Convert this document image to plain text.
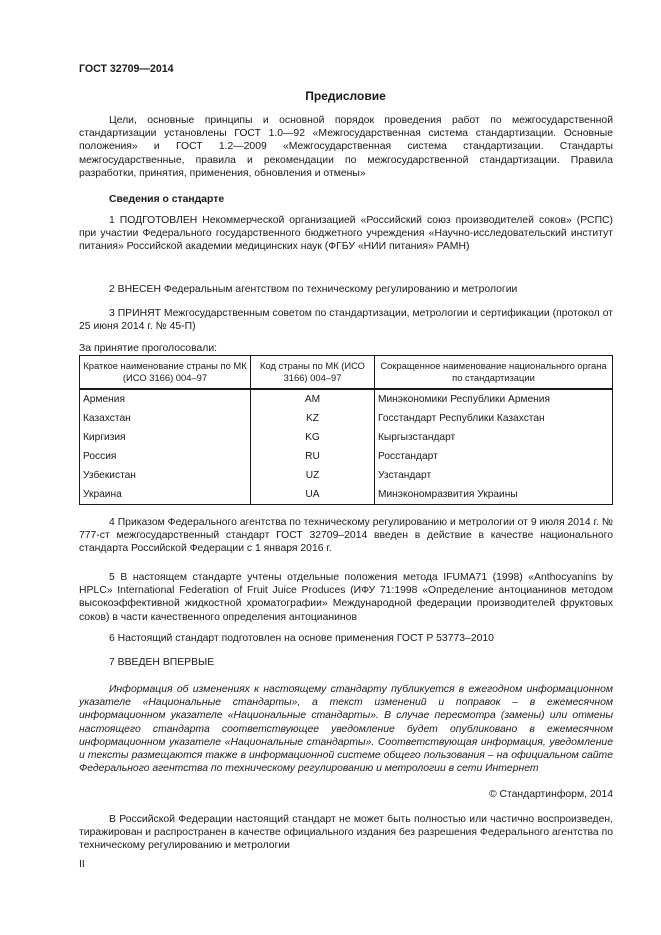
ГОСТ 32709—2014
Предисловие

Цели, основные принципы и основной порядок проведения работ по межгосударственной стандартизации установлены ГОСТ 1.0—92 «Межгосударственная система стандартизации. Основные положения» и ГОСТ 1.2—2009 «Межгосударственная система стандартизации. Стандарты межгосударственные, правила и рекомендации по межгосударственной стандартизации. Правила разработки, принятия, применения, обновления и отмены»

Сведения о стандарте

1 ПОДГОТОВЛЕН Некоммерческой организацией «Российский союз производителей соков» (РСПС) при участии Федерального государственного бюджетного учреждения «Научно-исследовательский институт питания» Российской академии медицинских наук (ФГБУ «НИИ питания» РАМН)

2 ВНЕСЕН Федеральным агентством по техническому регулированию и метрологии

3 ПРИНЯТ Межгосударственным советом по стандартизации, метрологии и сертификации (протокол от 25 июня 2014 г. № 45-П)

За принятие проголосовали:
Краткое наименование страны по МК (ИСО 3166) 004–97	Код страны по МК (ИСО 3166) 004–97	Сокращенное наименование национального органа по стандартизации
Армения	AM	Минэкономики Республики Армения
Казахстан	KZ	Госстандарт Республики Казахстан
Киргизия	KG	Кыргызстандарт
Россия	RU	Росстандарт
Узбекистан	UZ	Узстандарт
Украина	UA	Минэкономразвития Украины

4 Приказом Федерального агентства по техническому регулированию и метрологии от 9 июля 2014 г. № 777-ст межгосударственный стандарт ГОСТ 32709–2014 введен в действие в качестве национального стандарта Российской Федерации с 1 января 2016 г.

5 В настоящем стандарте учтены отдельные положения метода IFUMA71 (1998) «Anthocyanins by HPLC» International Federation of Fruit Juice Produces (ИФУ 71:1998 «Определение антоцианинов методом высокоэффективной жидкостной хроматографии» Международной федерации производителей фруктовых соков) в части качественного определения антоцианинов

6 Настоящий стандарт подготовлен на основе применения ГОСТ Р 53773–2010

7 ВВЕДЕН ВПЕРВЫЕ

Информация об изменениях к настоящему стандарту публикуется в ежегодном информационном указателе «Национальные стандарты», а текст изменений и поправок – в ежемесячном информационном указателе «Национальные стандарты». В случае пересмотра (замены) или отмены настоящего стандарта соответствующее уведомление будет опубликовано в ежемесячном информационном указателе «Национальные стандарты». Соответствующая информация, уведомление и тексты размещаются также в информационной системе общего пользования – на официальном сайте Федерального агентства по техническому регулированию и метрологии в сети Интернет

© Стандартинформ, 2014

В Российской Федерации настоящий стандарт не может быть полностью или частично воспроизведен, тиражирован и распространен в качестве официального издания без разрешения Федерального агентства по техническому регулированию и метрологии

II
